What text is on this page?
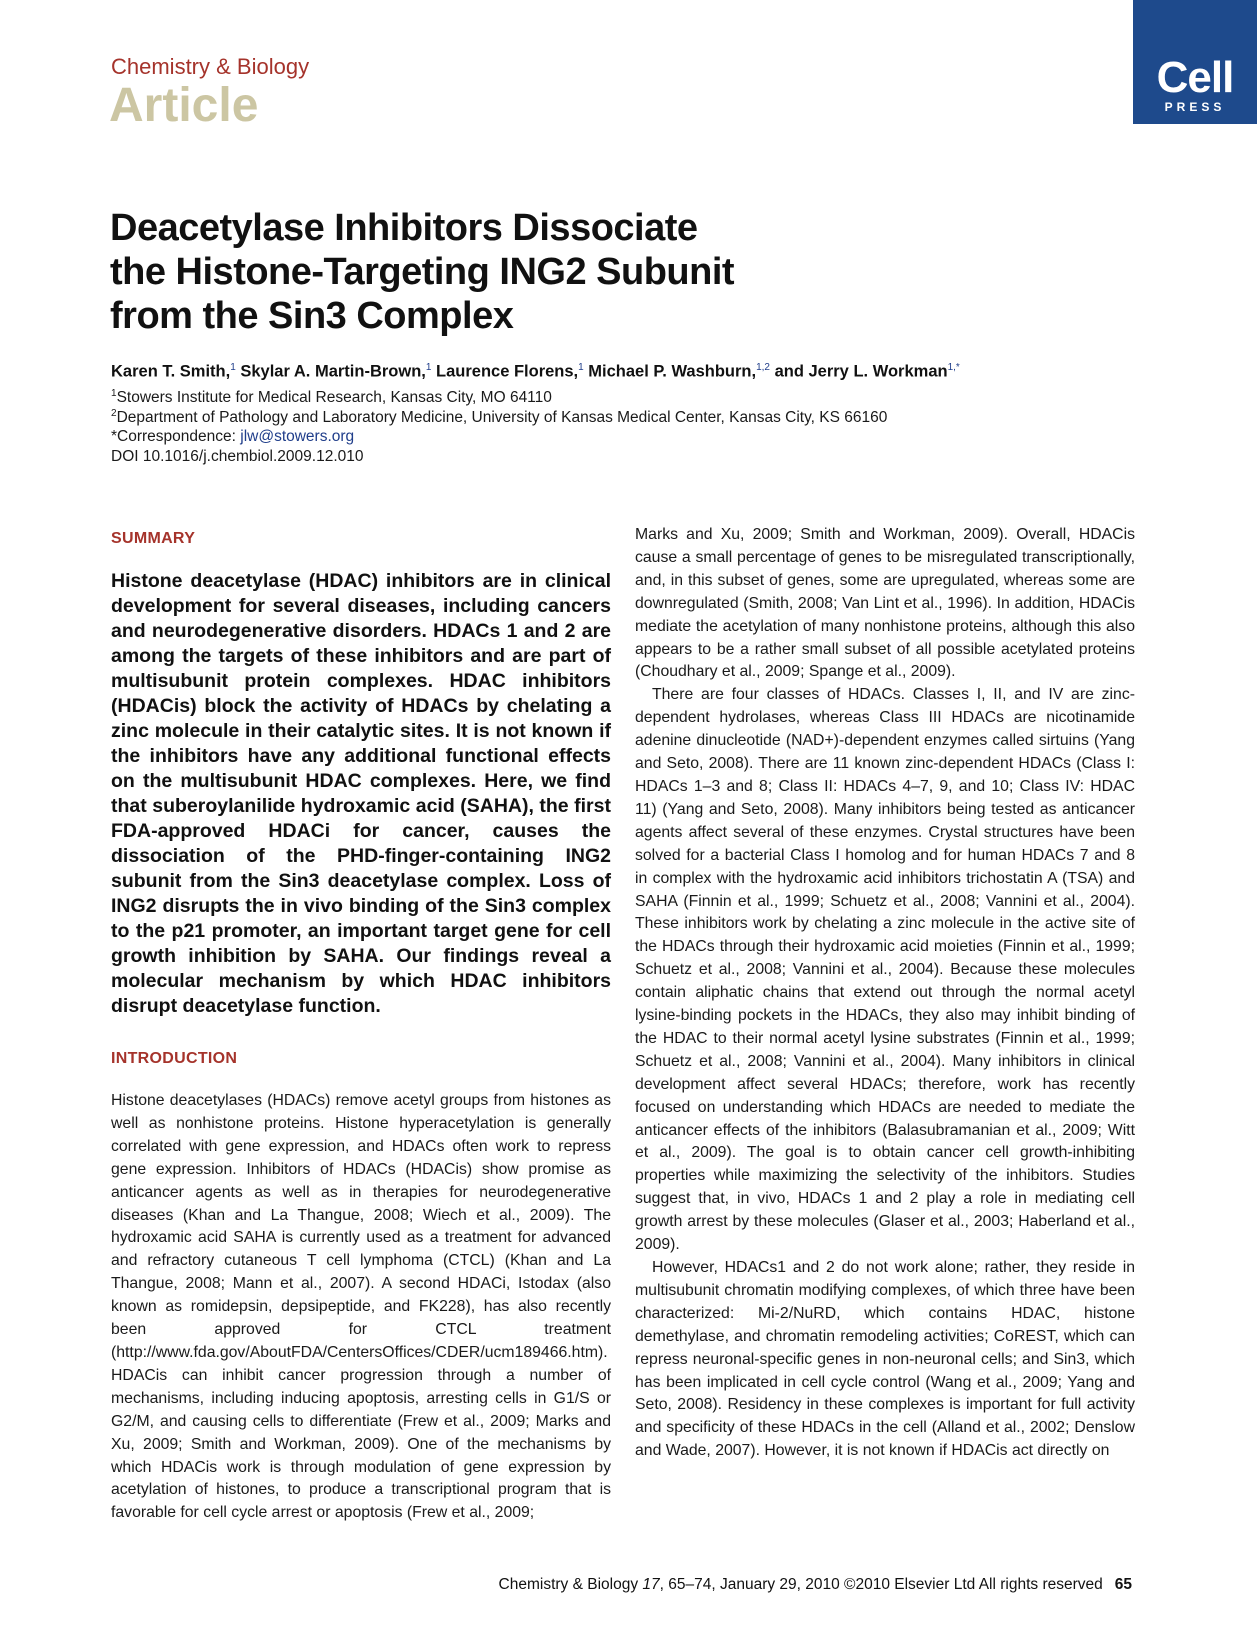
Chemistry & Biology
Article
Cell
PRESS
Deacetylase Inhibitors Dissociate
the Histone-Targeting ING2 Subunit
from the Sin3 Complex
Karen T. Smith,$^1$ Skylar A. Martin-Brown,$^1$ Laurence Florens,$^1$ Michael P. Washburn,$^{1,2}$ and Jerry L. Workman$^{1,*}$
$^1$Stowers Institute for Medical Research, Kansas City, MO 64110
$^2$Department of Pathology and Laboratory Medicine, University of Kansas Medical Center, Kansas City, KS 66160
*Correspondence: jlw@stowers.org
DOI 10.1016/j.chembiol.2009.12.010
SUMMARY

Histone deacetylase (HDAC) inhibitors are in clinical development for several diseases, including cancers and neurodegenerative disorders. HDACs 1 and 2 are among the targets of these inhibitors and are part of multisubunit protein complexes. HDAC inhibitors (HDACis) block the activity of HDACs by chelating a zinc molecule in their catalytic sites. It is not known if the inhibitors have any additional functional effects on the multisubunit HDAC complexes. Here, we find that suberoylanilide hydroxamic acid (SAHA), the first FDA-approved HDACi for cancer, causes the dissociation of the PHD-finger-containing ING2 subunit from the Sin3 deacetylase complex. Loss of ING2 disrupts the in vivo binding of the Sin3 complex to the p21 promoter, an important target gene for cell growth inhibition by SAHA. Our findings reveal a molecular mechanism by which HDAC inhibitors disrupt deacetylase function.

INTRODUCTION

Histone deacetylases (HDACs) remove acetyl groups from histones as well as nonhistone proteins. Histone hyperacetylation is generally correlated with gene expression, and HDACs often work to repress gene expression. Inhibitors of HDACs (HDACis) show promise as anticancer agents as well as in therapies for neurodegenerative diseases (Khan and La Thangue, 2008; Wiech et al., 2009). The hydroxamic acid SAHA is currently used as a treatment for advanced and refractory cutaneous T cell lymphoma (CTCL) (Khan and La Thangue, 2008; Mann et al., 2007). A second HDACi, Istodax (also known as romidepsin, depsipeptide, and FK228), has also recently been approved for CTCL treatment (http://www.fda.gov/AboutFDA/CentersOffices/CDER/ucm189466.htm). HDACis can inhibit cancer progression through a number of mechanisms, including inducing apoptosis, arresting cells in G1/S or G2/M, and causing cells to differentiate (Frew et al., 2009; Marks and Xu, 2009; Smith and Workman, 2009). One of the mechanisms by which HDACis work is through modulation of gene expression by acetylation of histones, to produce a transcriptional program that is favorable for cell cycle arrest or apoptosis (Frew et al., 2009;

Marks and Xu, 2009; Smith and Workman, 2009). Overall, HDACis cause a small percentage of genes to be misregulated transcriptionally, and, in this subset of genes, some are upregulated, whereas some are downregulated (Smith, 2008; Van Lint et al., 1996). In addition, HDACis mediate the acetylation of many nonhistone proteins, although this also appears to be a rather small subset of all possible acetylated proteins (Choudhary et al., 2009; Spange et al., 2009).

There are four classes of HDACs. Classes I, II, and IV are zinc-dependent hydrolases, whereas Class III HDACs are nicotinamide adenine dinucleotide (NAD+)-dependent enzymes called sirtuins (Yang and Seto, 2008). There are 11 known zinc-dependent HDACs (Class I: HDACs 1–3 and 8; Class II: HDACs 4–7, 9, and 10; Class IV: HDAC 11) (Yang and Seto, 2008). Many inhibitors being tested as anticancer agents affect several of these enzymes. Crystal structures have been solved for a bacterial Class I homolog and for human HDACs 7 and 8 in complex with the hydroxamic acid inhibitors trichostatin A (TSA) and SAHA (Finnin et al., 1999; Schuetz et al., 2008; Vannini et al., 2004). These inhibitors work by chelating a zinc molecule in the active site of the HDACs through their hydroxamic acid moieties (Finnin et al., 1999; Schuetz et al., 2008; Vannini et al., 2004). Because these molecules contain aliphatic chains that extend out through the normal acetyl lysine-binding pockets in the HDACs, they also may inhibit binding of the HDAC to their normal acetyl lysine substrates (Finnin et al., 1999; Schuetz et al., 2008; Vannini et al., 2004). Many inhibitors in clinical development affect several HDACs; therefore, work has recently focused on understanding which HDACs are needed to mediate the anticancer effects of the inhibitors (Balasubramanian et al., 2009; Witt et al., 2009). The goal is to obtain cancer cell growth-inhibiting properties while maximizing the selectivity of the inhibitors. Studies suggest that, in vivo, HDACs 1 and 2 play a role in mediating cell growth arrest by these molecules (Glaser et al., 2003; Haberland et al., 2009).

However, HDACs1 and 2 do not work alone; rather, they reside in multisubunit chromatin modifying complexes, of which three have been characterized: Mi-2/NuRD, which contains HDAC, histone demethylase, and chromatin remodeling activities; CoREST, which can repress neuronal-specific genes in non-neuronal cells; and Sin3, which has been implicated in cell cycle control (Wang et al., 2009; Yang and Seto, 2008). Residency in these complexes is important for full activity and specificity of these HDACs in the cell (Alland et al., 2002; Denslow and Wade, 2007). However, it is not known if HDACis act directly on

Chemistry & Biology 17, 65–74, January 29, 2010 ©2010 Elsevier Ltd All rights reserved 65
